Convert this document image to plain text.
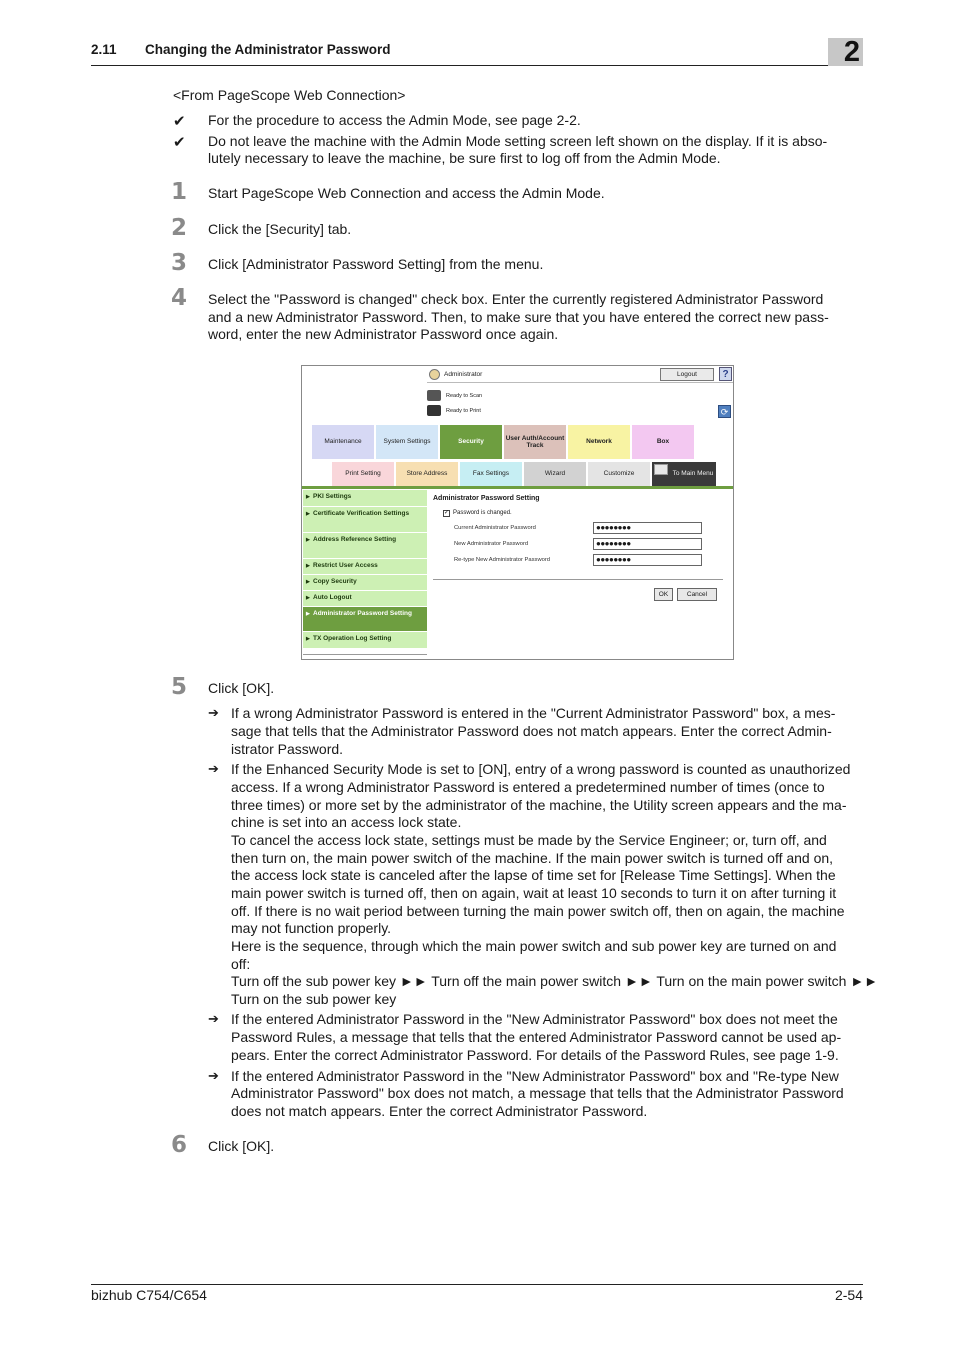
2.11 Changing the Administrator Password	2
<From PageScope Web Connection>
✔ For the procedure to access the Admin Mode, see page 2-2.
✔ Do not leave the machine with the Admin Mode setting screen left shown on the display. If it is abso-
lutely necessary to leave the machine, be sure first to log off from the Admin Mode.
1 Start PageScope Web Connection and access the Admin Mode.
2 Click the [Security] tab.
3 Click [Administrator Password Setting] from the menu.
4 Select the "Password is changed" check box. Enter the currently registered Administrator Password
and a new Administrator Password. Then, to make sure that you have entered the correct new pass-
word, enter the new Administrator Password once again.
Administrator	Logout	?
Ready to Scan
Ready to Print	⟳
Maintenance	System Settings	Security
User Auth/Account Track
Network	Box
Print Setting	Store Address	Fax Settings	Wizard	Customize	To Main Menu
▶ PKI Settings
▶ Certificate Verification Settings
▶ Address Reference Setting
▶ Restrict User Access
▶ Copy Security
▶ Auto Logout
▶ Administrator Password Setting
▶ TX Operation Log Setting
Administrator Password Setting
✓ Password is changed.
Current Administrator Password	●●●●●●●●
New Administrator Password	●●●●●●●●
Re-type New Administrator Password	●●●●●●●●
OK	Cancel
5 Click [OK].
➔ If a wrong Administrator Password is entered in the "Current Administrator Password" box, a mes-
sage that tells that the Administrator Password does not match appears. Enter the correct Admin-
istrator Password.
➔ If the Enhanced Security Mode is set to [ON], entry of a wrong password is counted as unauthorized
access. If a wrong Administrator Password is entered a predetermined number of times (once to
three times) or more set by the administrator of the machine, the Utility screen appears and the ma-
chine is set into an access lock state.
To cancel the access lock state, settings must be made by the Service Engineer; or, turn off, and
then turn on, the main power switch of the machine. If the main power switch is turned off and on,
the access lock state is canceled after the lapse of time set for [Release Time Settings]. When the
main power switch is turned off, then on again, wait at least 10 seconds to turn it on after turning it
off. If there is no wait period between turning the main power switch off, then on again, the machine
may not function properly.
Here is the sequence, through which the main power switch and sub power key are turned on and
off:
Turn off the sub power key ►► Turn off the main power switch ►► Turn on the main power switch ►►
Turn on the sub power key
➔ If the entered Administrator Password in the "New Administrator Password" box does not meet the
Password Rules, a message that tells that the entered Administrator Password cannot be used ap-
pears. Enter the correct Administrator Password. For details of the Password Rules, see page 1-9.
➔ If the entered Administrator Password in the "New Administrator Password" box and "Re-type New
Administrator Password" box does not match, a message that tells that the Administrator Password
does not match appears. Enter the correct Administrator Password.
6 Click [OK].
bizhub C754/C654	2-54
